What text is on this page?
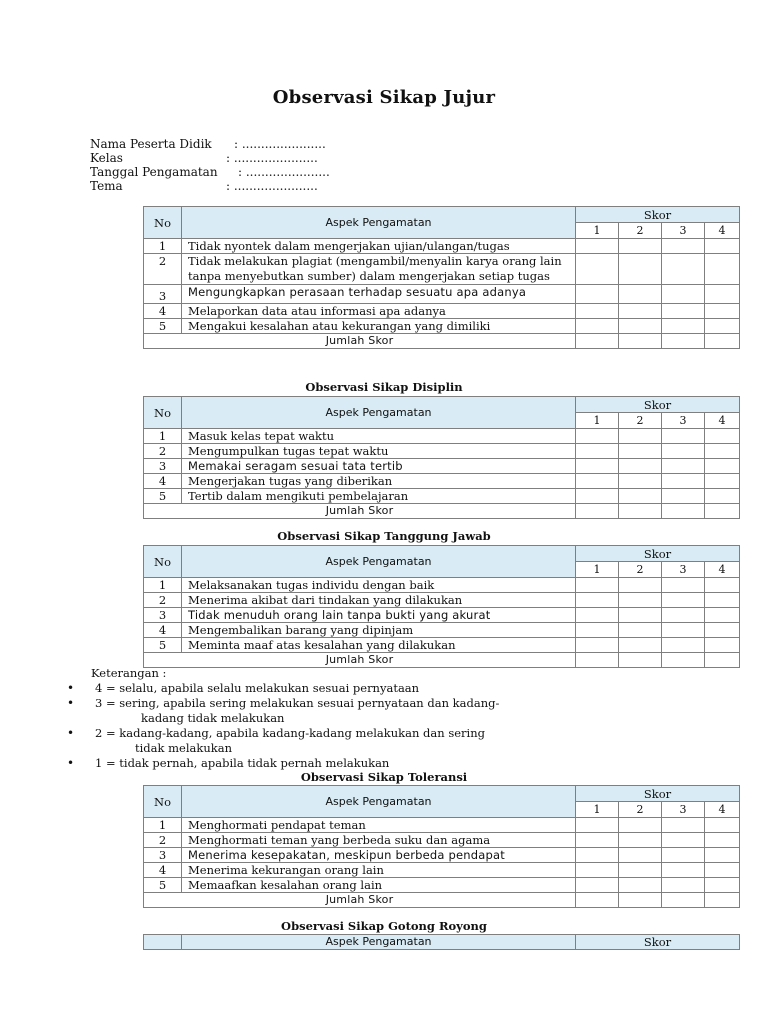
Observasi Sikap Jujur
Nama Peserta Didik : ......................
Kelas	: ......................
Tanggal Pengamatan : ......................
Tema	: ......................
No	Aspek Pengamatan	Skor			
		1	2	3	4
1	Tidak nyontek dalam mengerjakan ujian/ulangan/tugas				
2	Tidak melakukan plagiat (mengambil/menyalin karya orang lain tanpa menyebutkan sumber) dalam mengerjakan setiap tugas				
3	Mengungkapkan perasaan terhadap sesuatu apa adanya				
4	Melaporkan data atau informasi apa adanya				
5	Mengakui kesalahan atau kekurangan yang dimiliki				
Jumlah Skor					
Observasi Sikap Disiplin
No	Aspek Pengamatan	Skor			
		1	2	3	4
1	Masuk kelas tepat waktu				
2	Mengumpulkan tugas tepat waktu				
3	Memakai seragam sesuai tata tertib				
4	Mengerjakan tugas yang diberikan				
5	Tertib dalam mengikuti pembelajaran				
Jumlah Skor					
Observasi Sikap Tanggung Jawab
No	Aspek Pengamatan	Skor			
		1	2	3	4
1	Melaksanakan tugas individu dengan baik				
2	Menerima akibat dari tindakan yang dilakukan				
3	Tidak menuduh orang lain tanpa bukti yang akurat				
4	Mengembalikan barang yang dipinjam				
5	Meminta maaf atas kesalahan yang dilakukan				
Jumlah Skor					
Keterangan :
• 4 = selalu, apabila selalu melakukan sesuai pernyataan
• 3 = sering, apabila sering melakukan sesuai pernyataan dan kadang-
kadang tidak melakukan
• 2 = kadang-kadang, apabila kadang-kadang melakukan dan sering
tidak melakukan
• 1 = tidak pernah, apabila tidak pernah melakukan
Observasi Sikap Toleransi
No	Aspek Pengamatan	Skor			
		1	2	3	4
1	Menghormati pendapat teman				
2	Menghormati teman yang berbeda suku dan agama				
3	Menerima kesepakatan, meskipun berbeda pendapat				
4	Menerima kekurangan orang lain				
5	Memaafkan kesalahan orang lain				
Jumlah Skor					
Observasi Sikap Gotong Royong
	Aspek Pengamatan	Skor
